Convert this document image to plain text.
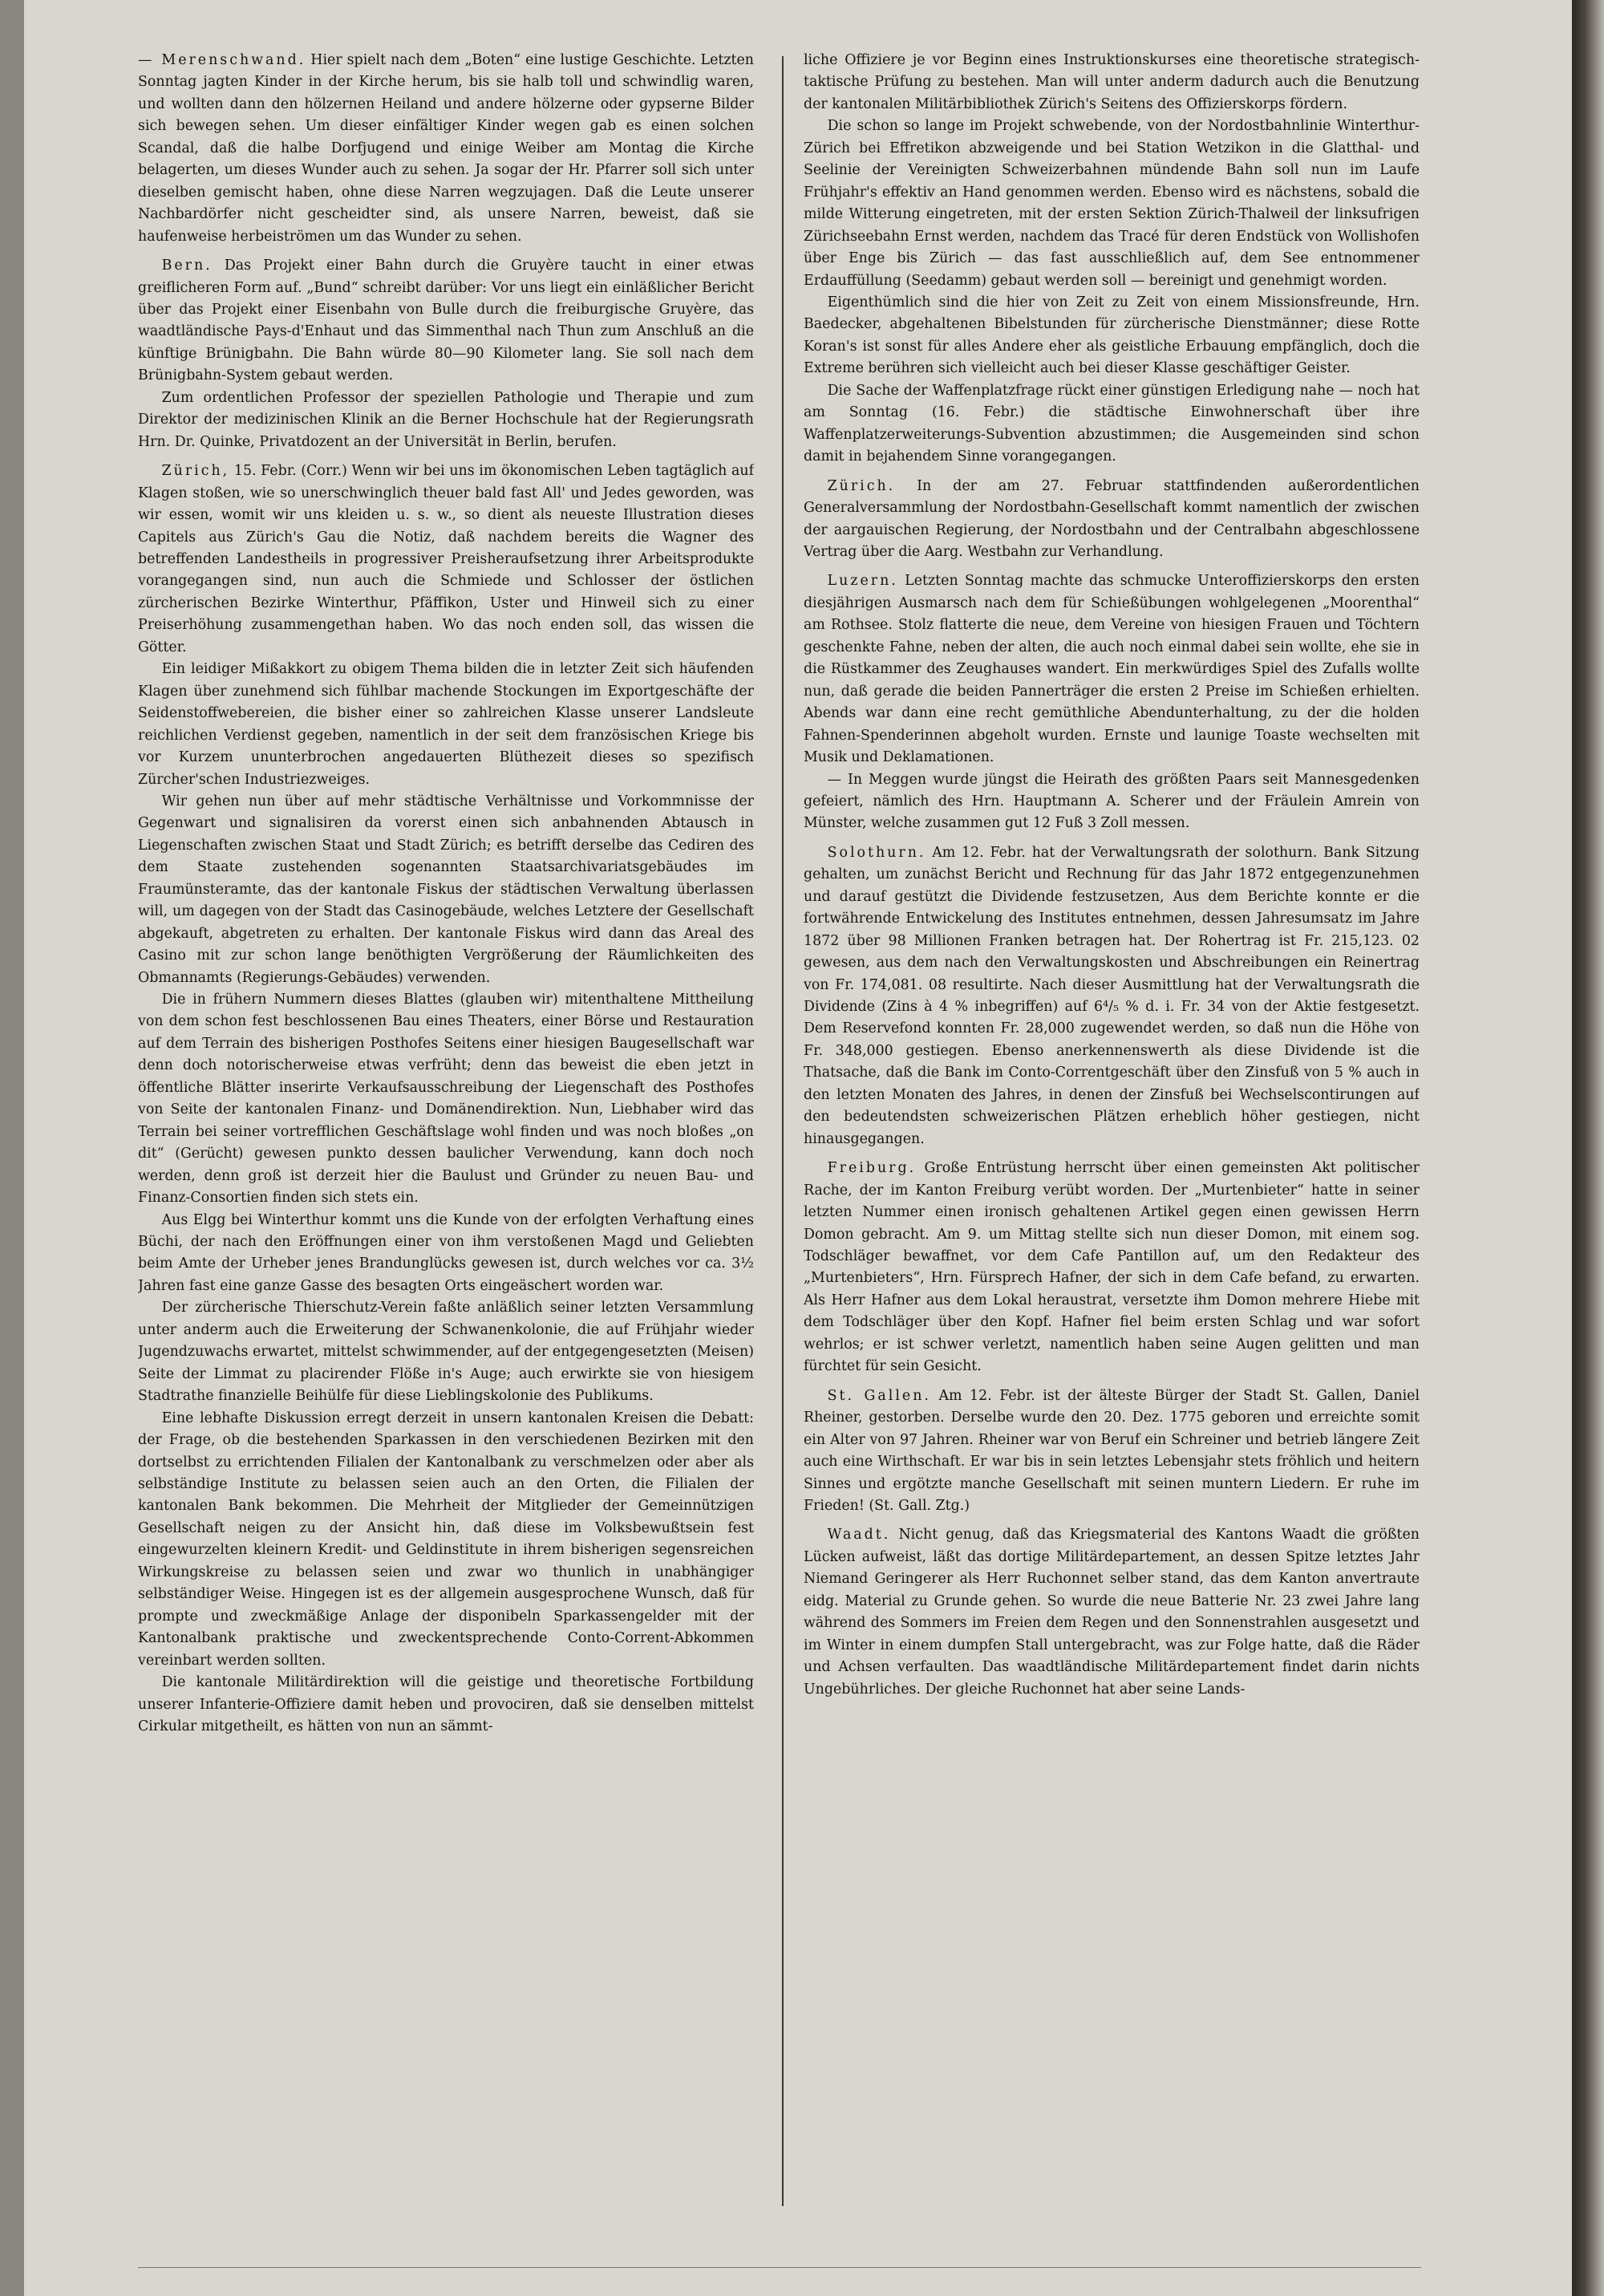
— Merenschwand. Hier spielt nach dem „Boten“ eine lustige Geschichte. Letzten Sonntag jagten Kinder in der Kirche herum, bis sie halb toll und schwindlig waren, und wollten dann den hölzernen Heiland und andere hölzerne oder gypserne Bilder sich bewegen sehen. Um dieser einfältiger Kinder wegen gab es einen solchen Scandal, daß die halbe Dorfjugend und einige Weiber am Montag die Kirche belagerten, um dieses Wunder auch zu sehen. Ja sogar der Hr. Pfarrer soll sich unter dieselben gemischt haben, ohne diese Narren wegzujagen. Daß die Leute unserer Nachbardörfer nicht gescheidter sind, als unsere Narren, beweist, daß sie haufenweise herbeiströmen um das Wunder zu sehen.

Bern. Das Projekt einer Bahn durch die Gruyère taucht in einer etwas greiflicheren Form auf. „Bund“ schreibt darüber: Vor uns liegt ein einläßlicher Bericht über das Projekt einer Eisenbahn von Bulle durch die freiburgische Gruyère, das waadtländische Pays-d'Enhaut und das Simmenthal nach Thun zum Anschluß an die künftige Brünigbahn. Die Bahn würde 80—90 Kilometer lang. Sie soll nach dem Brünigbahn-System gebaut werden.

Zum ordentlichen Professor der speziellen Pathologie und Therapie und zum Direktor der medizinischen Klinik an die Berner Hochschule hat der Regierungsrath Hrn. Dr. Quinke, Privatdozent an der Universität in Berlin, berufen.

Zürich, 15. Febr. (Corr.) Wenn wir bei uns im ökonomischen Leben tagtäglich auf Klagen stoßen, wie so unerschwinglich theuer bald fast All' und Jedes geworden, was wir essen, womit wir uns kleiden u. s. w., so dient als neueste Illustration dieses Capitels aus Zürich's Gau die Notiz, daß nachdem bereits die Wagner des betreffenden Landestheils in progressiver Preisheraufsetzung ihrer Arbeitsprodukte vorangegangen sind, nun auch die Schmiede und Schlosser der östlichen zürcherischen Bezirke Winterthur, Pfäffikon, Uster und Hinweil sich zu einer Preiserhöhung zusammengethan haben. Wo das noch enden soll, das wissen die Götter.

Ein leidiger Mißakkort zu obigem Thema bilden die in letzter Zeit sich häufenden Klagen über zunehmend sich fühlbar machende Stockungen im Exportgeschäfte der Seidenstoffwebereien, die bisher einer so zahlreichen Klasse unserer Landsleute reichlichen Verdienst gegeben, namentlich in der seit dem französischen Kriege bis vor Kurzem ununterbrochen angedauerten Blüthezeit dieses so spezifisch Zürcher'schen Industriezweiges.

Wir gehen nun über auf mehr städtische Verhältnisse und Vorkommnisse der Gegenwart und signalisiren da vorerst einen sich anbahnenden Abtausch in Liegenschaften zwischen Staat und Stadt Zürich; es betrifft derselbe das Cediren des dem Staate zustehenden sogenannten Staatsarchivariatsgebäudes im Fraumünsteramte, das der kantonale Fiskus der städtischen Verwaltung überlassen will, um dagegen von der Stadt das Casinogebäude, welches Letztere der Gesellschaft abgekauft, abgetreten zu erhalten. Der kantonale Fiskus wird dann das Areal des Casino mit zur schon lange benöthigten Vergrößerung der Räumlichkeiten des Obmannamts (Regierungs-Gebäudes) verwenden.

Die in frühern Nummern dieses Blattes (glauben wir) mitenthaltene Mittheilung von dem schon fest beschlossenen Bau eines Theaters, einer Börse und Restauration auf dem Terrain des bisherigen Posthofes Seitens einer hiesigen Baugesellschaft war denn doch notorischerweise etwas verfrüht; denn das beweist die eben jetzt in öffentliche Blätter inserirte Verkaufsausschreibung der Liegenschaft des Posthofes von Seite der kantonalen Finanz- und Domänendirektion. Nun, Liebhaber wird das Terrain bei seiner vortrefflichen Geschäftslage wohl finden und was noch bloßes „on dit“ (Gerücht) gewesen punkto dessen baulicher Verwendung, kann doch noch werden, denn groß ist derzeit hier die Baulust und Gründer zu neuen Bau- und Finanz-Consortien finden sich stets ein.

Aus Elgg bei Winterthur kommt uns die Kunde von der erfolgten Verhaftung eines Büchi, der nach den Eröffnungen einer von ihm verstoßenen Magd und Geliebten beim Amte der Urheber jenes Brandunglücks gewesen ist, durch welches vor ca. 3½ Jahren fast eine ganze Gasse des besagten Orts eingeäschert worden war.

Der zürcherische Thierschutz-Verein faßte anläßlich seiner letzten Versammlung unter anderm auch die Erweiterung der Schwanenkolonie, die auf Frühjahr wieder Jugendzuwachs erwartet, mittelst schwimmender, auf der entgegengesetzten (Meisen) Seite der Limmat zu placirender Flöße in's Auge; auch erwirkte sie von hiesigem Stadtrathe finanzielle Beihülfe für diese Lieblingskolonie des Publikums.

Eine lebhafte Diskussion erregt derzeit in unsern kantonalen Kreisen die Debatt: der Frage, ob die bestehenden Sparkassen in den verschiedenen Bezirken mit den dortselbst zu errichtenden Filialen der Kantonalbank zu verschmelzen oder aber als selbständige Institute zu belassen seien auch an den Orten, die Filialen der kantonalen Bank bekommen. Die Mehrheit der Mitglieder der Gemeinnützigen Gesellschaft neigen zu der Ansicht hin, daß diese im Volksbewußtsein fest eingewurzelten kleinern Kredit- und Geldinstitute in ihrem bisherigen segensreichen Wirkungskreise zu belassen seien und zwar wo thunlich in unabhängiger selbständiger Weise. Hingegen ist es der allgemein ausgesprochene Wunsch, daß für prompte und zweckmäßige Anlage der disponibeln Sparkassengelder mit der Kantonalbank praktische und zweckentsprechende Conto-Corrent-Abkommen vereinbart werden sollten.

Die kantonale Militärdirektion will die geistige und theoretische Fortbildung unserer Infanterie-Offiziere damit heben und provociren, daß sie denselben mittelst Cirkular mitgetheilt, es hätten von nun an sämmt-

liche Offiziere je vor Beginn eines Instruktionskurses eine theoretische strategisch-taktische Prüfung zu bestehen. Man will unter anderm dadurch auch die Benutzung der kantonalen Militärbibliothek Zürich's Seitens des Offizierskorps fördern.

Die schon so lange im Projekt schwebende, von der Nordostbahnlinie Winterthur-Zürich bei Effretikon abzweigende und bei Station Wetzikon in die Glatthal- und Seelinie der Vereinigten Schweizerbahnen mündende Bahn soll nun im Laufe Frühjahr's effektiv an Hand genommen werden. Ebenso wird es nächstens, sobald die milde Witterung eingetreten, mit der ersten Sektion Zürich-Thalweil der linksufrigen Zürichseebahn Ernst werden, nachdem das Tracé für deren Endstück von Wollishofen über Enge bis Zürich — das fast ausschließlich auf, dem See entnommener Erdauffüllung (Seedamm) gebaut werden soll — bereinigt und genehmigt worden.

Eigenthümlich sind die hier von Zeit zu Zeit von einem Missionsfreunde, Hrn. Baedecker, abgehaltenen Bibelstunden für zürcherische Dienstmänner; diese Rotte Koran's ist sonst für alles Andere eher als geistliche Erbauung empfänglich, doch die Extreme berühren sich vielleicht auch bei dieser Klasse geschäftiger Geister.

Die Sache der Waffenplatzfrage rückt einer günstigen Erledigung nahe — noch hat am Sonntag (16. Febr.) die städtische Einwohnerschaft über ihre Waffenplatzerweiterungs-Subvention abzustimmen; die Ausgemeinden sind schon damit in bejahendem Sinne vorangegangen.

Zürich. In der am 27. Februar stattfindenden außerordentlichen Generalversammlung der Nordostbahn-Gesellschaft kommt namentlich der zwischen der aargauischen Regierung, der Nordostbahn und der Centralbahn abgeschlossene Vertrag über die Aarg. Westbahn zur Verhandlung.

Luzern. Letzten Sonntag machte das schmucke Unteroffizierskorps den ersten diesjährigen Ausmarsch nach dem für Schießübungen wohlgelegenen „Moorenthal“ am Rothsee. Stolz flatterte die neue, dem Vereine von hiesigen Frauen und Töchtern geschenkte Fahne, neben der alten, die auch noch einmal dabei sein wollte, ehe sie in die Rüstkammer des Zeughauses wandert. Ein merkwürdiges Spiel des Zufalls wollte nun, daß gerade die beiden Pannerträger die ersten 2 Preise im Schießen erhielten. Abends war dann eine recht gemüthliche Abendunterhaltung, zu der die holden Fahnen-Spenderinnen abgeholt wurden. Ernste und launige Toaste wechselten mit Musik und Deklamationen.

— In Meggen wurde jüngst die Heirath des größten Paars seit Mannesgedenken gefeiert, nämlich des Hrn. Hauptmann A. Scherer und der Fräulein Amrein von Münster, welche zusammen gut 12 Fuß 3 Zoll messen.

Solothurn. Am 12. Febr. hat der Verwaltungsrath der solothurn. Bank Sitzung gehalten, um zunächst Bericht und Rechnung für das Jahr 1872 entgegenzunehmen und darauf gestützt die Dividende festzusetzen, Aus dem Berichte konnte er die fortwährende Entwickelung des Institutes entnehmen, dessen Jahresumsatz im Jahre 1872 über 98 Millionen Franken betragen hat. Der Rohertrag ist Fr. 215,123. 02 gewesen, aus dem nach den Verwaltungskosten und Abschreibungen ein Reinertrag von Fr. 174,081. 08 resultirte. Nach dieser Ausmittlung hat der Verwaltungsrath die Dividende (Zins à 4 % inbegriffen) auf 6⁴/₅ % d. i. Fr. 34 von der Aktie festgesetzt. Dem Reservefond konnten Fr. 28,000 zugewendet werden, so daß nun die Höhe von Fr. 348,000 gestiegen. Ebenso anerkennenswerth als diese Dividende ist die Thatsache, daß die Bank im Conto-Correntgeschäft über den Zinsfuß von 5 % auch in den letzten Monaten des Jahres, in denen der Zinsfuß bei Wechselscontirungen auf den bedeutendsten schweizerischen Plätzen erheblich höher gestiegen, nicht hinausgegangen.

Freiburg. Große Entrüstung herrscht über einen gemeinsten Akt politischer Rache, der im Kanton Freiburg verübt worden. Der „Murtenbieter“ hatte in seiner letzten Nummer einen ironisch gehaltenen Artikel gegen einen gewissen Herrn Domon gebracht. Am 9. um Mittag stellte sich nun dieser Domon, mit einem sog. Todschläger bewaffnet, vor dem Cafe Pantillon auf, um den Redakteur des „Murtenbieters“, Hrn. Fürsprech Hafner, der sich in dem Cafe befand, zu erwarten. Als Herr Hafner aus dem Lokal heraustrat, versetzte ihm Domon mehrere Hiebe mit dem Todschläger über den Kopf. Hafner fiel beim ersten Schlag und war sofort wehrlos; er ist schwer verletzt, namentlich haben seine Augen gelitten und man fürchtet für sein Gesicht.

St. Gallen. Am 12. Febr. ist der älteste Bürger der Stadt St. Gallen, Daniel Rheiner, gestorben. Derselbe wurde den 20. Dez. 1775 geboren und erreichte somit ein Alter von 97 Jahren. Rheiner war von Beruf ein Schreiner und betrieb längere Zeit auch eine Wirthschaft. Er war bis in sein letztes Lebensjahr stets fröhlich und heitern Sinnes und ergötzte manche Gesellschaft mit seinen muntern Liedern. Er ruhe im Frieden! (St. Gall. Ztg.)

Waadt. Nicht genug, daß das Kriegsmaterial des Kantons Waadt die größten Lücken aufweist, läßt das dortige Militärdepartement, an dessen Spitze letztes Jahr Niemand Geringerer als Herr Ruchonnet selber stand, das dem Kanton anvertraute eidg. Material zu Grunde gehen. So wurde die neue Batterie Nr. 23 zwei Jahre lang während des Sommers im Freien dem Regen und den Sonnenstrahlen ausgesetzt und im Winter in einem dumpfen Stall untergebracht, was zur Folge hatte, daß die Räder und Achsen verfaulten. Das waadtländische Militärdepartement findet darin nichts Ungebührliches. Der gleiche Ruchonnet hat aber seine Lands-
